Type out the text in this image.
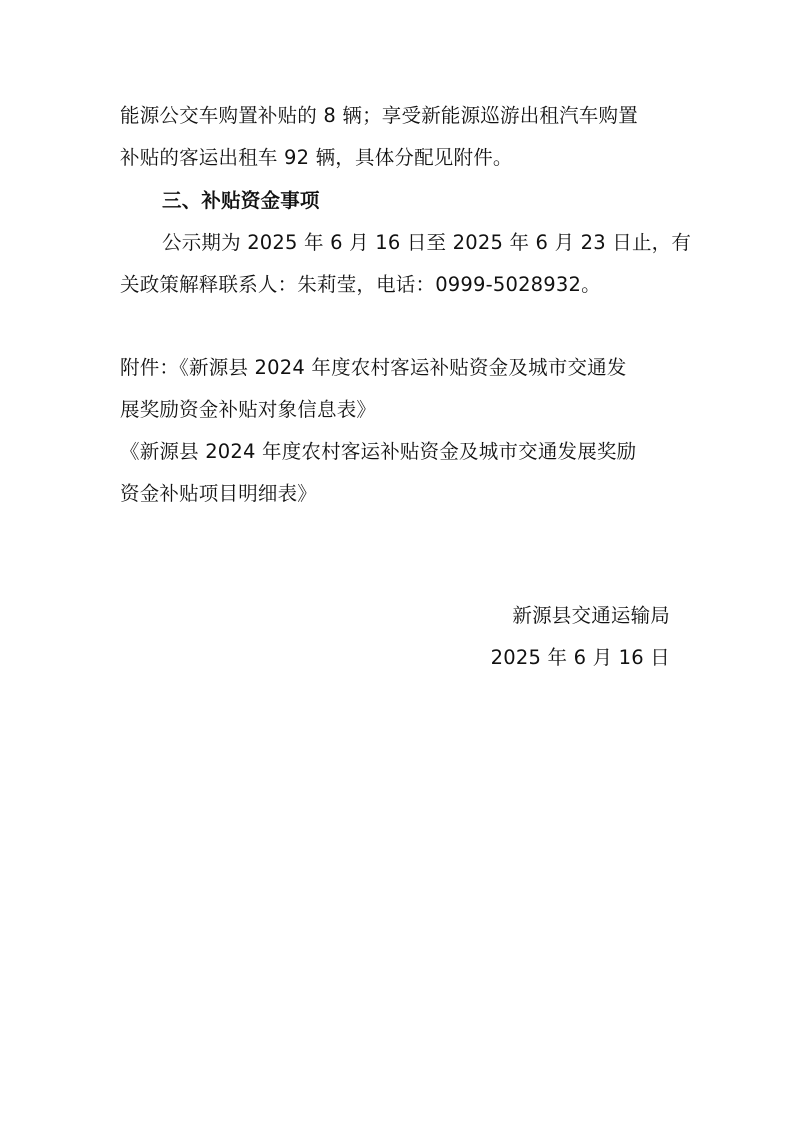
能源公交车购置补贴的 8 辆；享受新能源巡游出租汽车购置
补贴的客运出租车 92 辆，具体分配见附件。
三、补贴资金事项
公示期为 2025 年 6 月 16 日至 2025 年 6 月 23 日止，有
关政策解释联系人：朱莉莹，电话：0999-5028932。
附件：《新源县 2024 年度农村客运补贴资金及城市交通发
展奖励资金补贴对象信息表》
《新源县 2024 年度农村客运补贴资金及城市交通发展奖励
资金补贴项目明细表》
新源县交通运输局
2025 年 6 月 16 日
